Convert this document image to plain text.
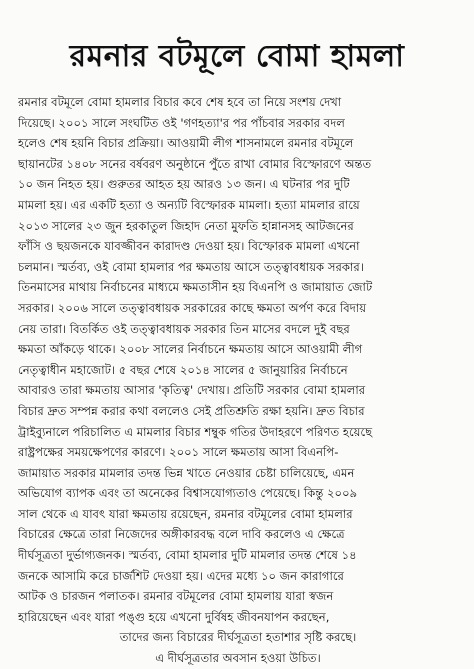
রমনার বটমূলে বোমা হামলা
রমনার বটমূলে বোমা হামলার বিচার কবে শেষ হবে তা নিয়ে সংশয় দেখা
দিয়েছে। ২০০১ সালে সংঘটিত ওই 'গণহত্যা'র পর পাঁচবার সরকার বদল
হলেও শেষ হয়নি বিচার প্রক্রিয়া। আওয়ামী লীগ শাসনামলে রমনার বটমূলে
ছায়ানটের ১৪০৮ সনের বর্ষবরণ অনুষ্ঠানে পুঁতে রাখা বোমার বিস্ফোরণে অন্তত
১০ জন নিহত হয়। গুরুতর আহত হয় আরও ১৩ জন। এ ঘটনার পর দুটি
মামলা হয়। এর একটি হত্যা ও অন্যটি বিস্ফোরক মামলা। হত্যা মামলার রায়ে
২০১৩ সালের ২৩ জুন হরকাতুল জিহাদ নেতা মুফতি হান্নানসহ আটজনের
ফাঁসি ও ছয়জনকে যাবজ্জীবন কারাদণ্ড দেওয়া হয়। বিস্ফোরক মামলা এখনো
চলমান। স্মর্তব্য, ওই বোমা হামলার পর ক্ষমতায় আসে তত্ত্বাবধায়ক সরকার।
তিনমাসের মাথায় নির্বাচনের মাধ্যমে ক্ষমতাসীন হয় বিএনপি ও জামায়াত জোট
সরকার। ২০০৬ সালে তত্ত্বাবধায়ক সরকারের কাছে ক্ষমতা অর্পণ করে বিদায়
নেয় তারা। বিতর্কিত ওই তত্ত্বাবধায়ক সরকার তিন মাসের বদলে দুই বছর
ক্ষমতা আঁকড়ে থাকে। ২০০৮ সালের নির্বাচনে ক্ষমতায় আসে আওয়ামী লীগ
নেতৃত্বাধীন মহাজোট। ৫ বছর শেষে ২০১৪ সালের ৫ জানুয়ারির নির্বাচনে
আবারও তারা ক্ষমতায় আসার 'কৃতিত্ব' দেখায়। প্রতিটি সরকার বোমা হামলার
বিচার দ্রুত সম্পন্ন করার কথা বললেও সেই প্রতিশ্রুতি রক্ষা হয়নি। দ্রুত বিচার
ট্রাইব্যুনালে পরিচালিত এ মামলার বিচার শম্বুক গতির উদাহরণে পরিণত হয়েছে
রাষ্ট্রপক্ষের সময়ক্ষেপণের কারণে। ২০০১ সালে ক্ষমতায় আসা বিএনপি-
জামায়াত সরকার মামলার তদন্ত ভিন্ন খাতে নেওয়ার চেষ্টা চালিয়েছে, এমন
অভিযোগ ব্যাপক এবং তা অনেকের বিশ্বাসযোগ্যতাও পেয়েছে। কিন্তু ২০০৯
সাল থেকে এ যাবৎ যারা ক্ষমতায় রয়েছেন, রমনার বটমূলের বোমা হামলার
বিচারের ক্ষেত্রে তারা নিজেদের অঙ্গীকারবদ্ধ বলে দাবি করলেও এ ক্ষেত্রে
দীর্ঘসূত্রতা দুর্ভাগ্যজনক। স্মর্তব্য, বোমা হামলার দুটি মামলার তদন্ত শেষে ১৪
জনকে আসামি করে চার্জশিট দেওয়া হয়। এদের মধ্যে ১০ জন কারাগারে
আটক ও চারজন পলাতক। রমনার বটমূলের বোমা হামলায় যারা স্বজন
হারিয়েছেন এবং যারা পঙ্গু হয়ে এখনো দুর্বিষহ জীবনযাপন করছেন,
তাদের জন্য বিচারের দীর্ঘসূত্রতা হতাশার সৃষ্টি করছে।
এ দীর্ঘসূত্রতার অবসান হওয়া উচিত।
